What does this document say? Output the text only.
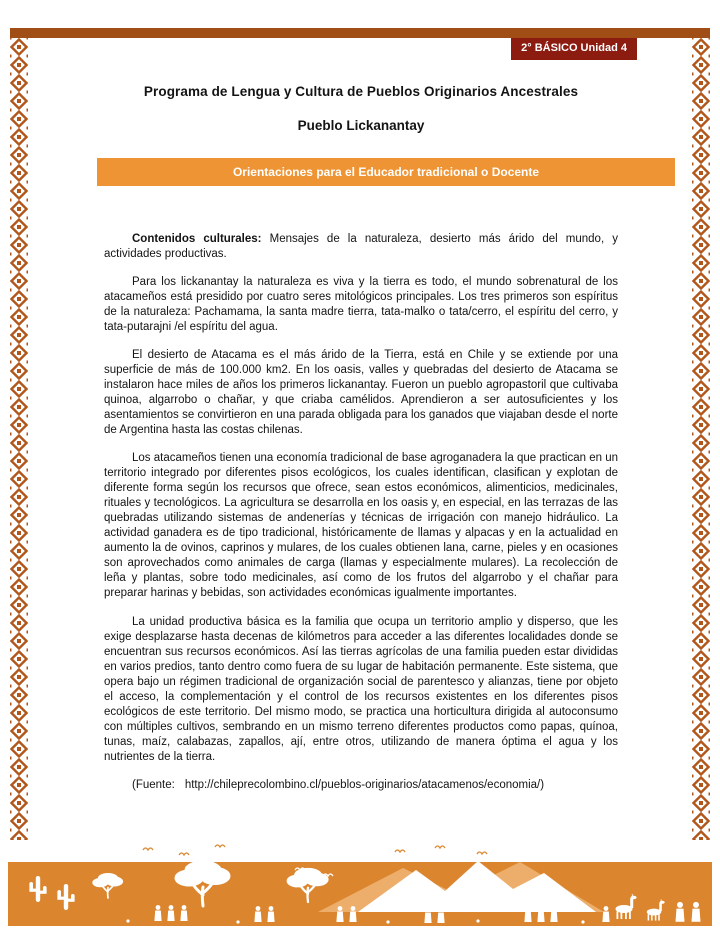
2° BÁSICO Unidad 4
Programa de Lengua y Cultura de Pueblos Originarios Ancestrales
Pueblo Lickanantay
Orientaciones para el Educador tradicional o Docente

Contenidos culturales: Mensajes de la naturaleza, desierto más árido del mundo, y actividades productivas.

Para los lickanantay la naturaleza es viva y la tierra es todo, el mundo sobrenatural de los atacameños está presidido por cuatro seres mitológicos principales. Los tres primeros son espíritus de la naturaleza: Pachamama, la santa madre tierra, tata-malko o tata/cerro, el espíritu del cerro, y tata-putarajni /el espíritu del agua.

El desierto de Atacama es el más árido de la Tierra, está en Chile y se extiende por una superficie de más de 100.000 km2. En los oasis, valles y quebradas del desierto de Atacama se instalaron hace miles de años los primeros lickanantay. Fueron un pueblo agropastoril que cultivaba quinoa, algarrobo o chañar, y que criaba camélidos. Aprendieron a ser autosuficientes y los asentamientos se convirtieron en una parada obligada para los ganados que viajaban desde el norte de Argentina hasta las costas chilenas.

Los atacameños tienen una economía tradicional de base agroganadera la que practican en un territorio integrado por diferentes pisos ecológicos, los cuales identifican, clasifican y explotan de diferente forma según los recursos que ofrece, sean estos económicos, alimenticios, medicinales, rituales y tecnológicos. La agricultura se desarrolla en los oasis y, en especial, en las terrazas de las quebradas utilizando sistemas de andenerías y técnicas de irrigación con manejo hidráulico. La actividad ganadera es de tipo tradicional, históricamente de llamas y alpacas y en la actualidad en aumento la de ovinos, caprinos y mulares, de los cuales obtienen lana, carne, pieles y en ocasiones son aprovechados como animales de carga (llamas y especialmente mulares). La recolección de leña y plantas, sobre todo medicinales, así como de los frutos del algarrobo y el chañar para preparar harinas y bebidas, son actividades económicas igualmente importantes.

La unidad productiva básica es la familia que ocupa un territorio amplio y disperso, que les exige desplazarse hasta decenas de kilómetros para acceder a las diferentes localidades donde se encuentran sus recursos económicos. Así las tierras agrícolas de una familia pueden estar divididas en varios predios, tanto dentro como fuera de su lugar de habitación permanente. Este sistema, que opera bajo un régimen tradicional de organización social de parentesco y alianzas, tiene por objeto el acceso, la complementación y el control de los recursos existentes en los diferentes pisos ecológicos de este territorio. Del mismo modo, se practica una horticultura dirigida al autoconsumo con múltiples cultivos, sembrando en un mismo terreno diferentes productos como papas, quínoa, tunas, maíz, calabazas, zapallos, ají, entre otros, utilizando de manera óptima el agua y los nutrientes de la tierra.

(Fuente: http://chileprecolombino.cl/pueblos-originarios/atacamenos/economia/)
